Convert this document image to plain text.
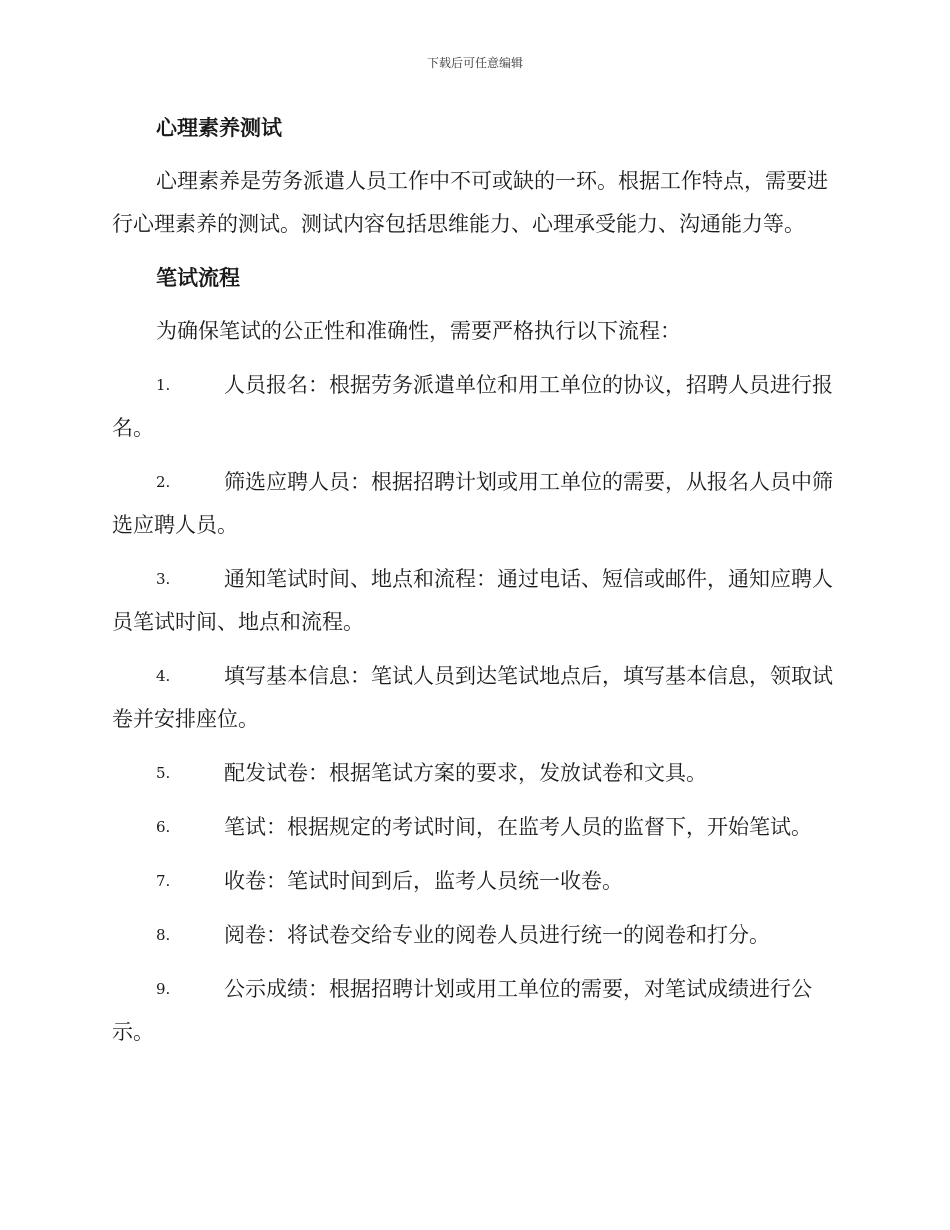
下载后可任意编辑
心理素养测试

心理素养是劳务派遣人员工作中不可或缺的一环。根据工作特点，需要进行心理素养的测试。测试内容包括思维能力、心理承受能力、沟通能力等。

笔试流程

为确保笔试的公正性和准确性，需要严格执行以下流程：

1.	人员报名：根据劳务派遣单位和用工单位的协议，招聘人员进行报名。
2.	筛选应聘人员：根据招聘计划或用工单位的需要，从报名人员中筛选应聘人员。
3.	通知笔试时间、地点和流程：通过电话、短信或邮件，通知应聘人员笔试时间、地点和流程。
4.	填写基本信息：笔试人员到达笔试地点后，填写基本信息，领取试卷并安排座位。
5.	配发试卷：根据笔试方案的要求，发放试卷和文具。
6.	笔试：根据规定的考试时间，在监考人员的监督下，开始笔试。
7.	收卷：笔试时间到后，监考人员统一收卷。
8.	阅卷：将试卷交给专业的阅卷人员进行统一的阅卷和打分。
9.	公示成绩：根据招聘计划或用工单位的需要，对笔试成绩进行公示。
